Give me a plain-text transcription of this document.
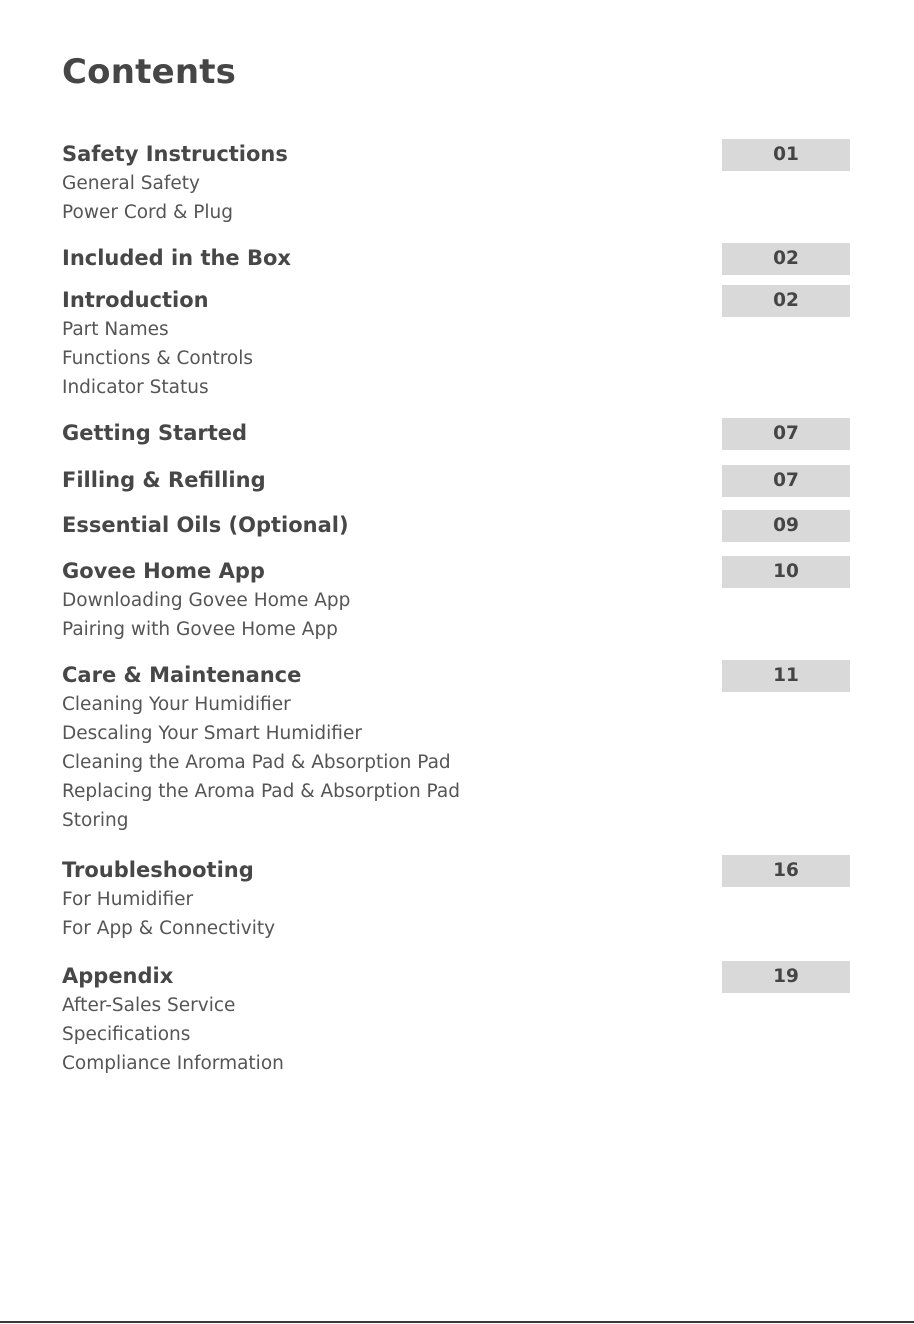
Contents
Safety Instructions	01
General Safety
Power Cord & Plug
Included in the Box	02
Introduction	02
Part Names
Functions & Controls
Indicator Status
Getting Started	07
Filling & Refilling	07
Essential Oils (Optional)	09
Govee Home App	10
Downloading Govee Home App
Pairing with Govee Home App
Care & Maintenance	11
Cleaning Your Humidifier
Descaling Your Smart Humidifier
Cleaning the Aroma Pad & Absorption Pad
Replacing the Aroma Pad & Absorption Pad
Storing
Troubleshooting	16
For Humidifier
For App & Connectivity
Appendix	19
After-Sales Service
Specifications
Compliance Information
